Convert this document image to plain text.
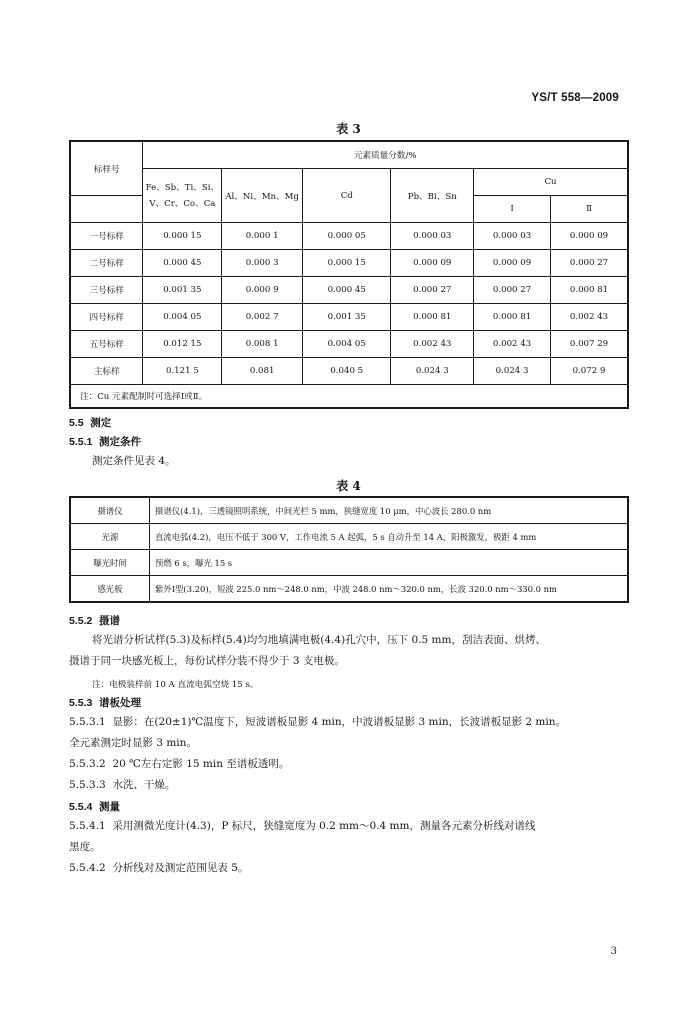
YS/T 558—2009
表 3
标样号	元素质量分数/%					
	Fe、Sb、Ti、Si、V、Cr、Co、Ca	Al、Ni、Mn、Mg	Cd	Pb、Bi、Sn	Cu	
					Ⅰ	Ⅱ
一号标样	0.000 15	0.000 1	0.000 05	0.000 03	0.000 03	0.000 09
二号标样	0.000 45	0.000 3	0.000 15	0.000 09	0.000 09	0.000 27
三号标样	0.001 35	0.000 9	0.000 45	0.000 27	0.000 27	0.000 81
四号标样	0.004 05	0.002 7	0.001 35	0.000 81	0.000 81	0.002 43
五号标样	0.012 15	0.008 1	0.004 05	0.002 43	0.002 43	0.007 29
主标样	0.121 5	0.081	0.040 5	0.024 3	0.024 3	0.072 9
注：Cu 元素配制时可选择Ⅰ或Ⅱ。						
5.5 测定
5.5.1 测定条件
测定条件见表 4。
表 4
摄谱仪	摄谱仪(4.1)，三透镜照明系统，中间光栏 5 mm，狭缝宽度 10 μm，中心波长 280.0 nm
光源	直流电弧(4.2)，电压不低于 300 V，工作电流 5 A 起弧，5 s 自动升至 14 A，阳极激发，极距 4 mm
曝光时间	预燃 6 s，曝光 15 s
感光板	紫外Ⅰ型(3.20)，短波 225.0 nm～248.0 nm，中波 248.0 nm～320.0 nm，长波 320.0 nm～330.0 nm
5.5.2 摄谱
将光谱分析试样(5.3)及标样(5.4)均匀地填满电极(4.4)孔穴中，压下 0.5 mm，刮洁表面、烘烤、
摄谱于同一块感光板上，每份试样分装不得少于 3 支电极。
注：电极装样前 10 A 直流电弧空烧 15 s。
5.5.3 谱板处理
5.5.3.1 显影：在(20±1)℃温度下，短波谱板显影 4 min，中波谱板显影 3 min，长波谱板显影 2 min。
全元素测定时显影 3 min。
5.5.3.2 20 ℃左右定影 15 min 至谱板透明。
5.5.3.3 水洗、干燥。
5.5.4 测量
5.5.4.1 采用测微光度计(4.3)，P 标尺，狭缝宽度为 0.2 mm～0.4 mm，测量各元素分析线对谱线
黑度。
5.5.4.2 分析线对及测定范围见表 5。
3
